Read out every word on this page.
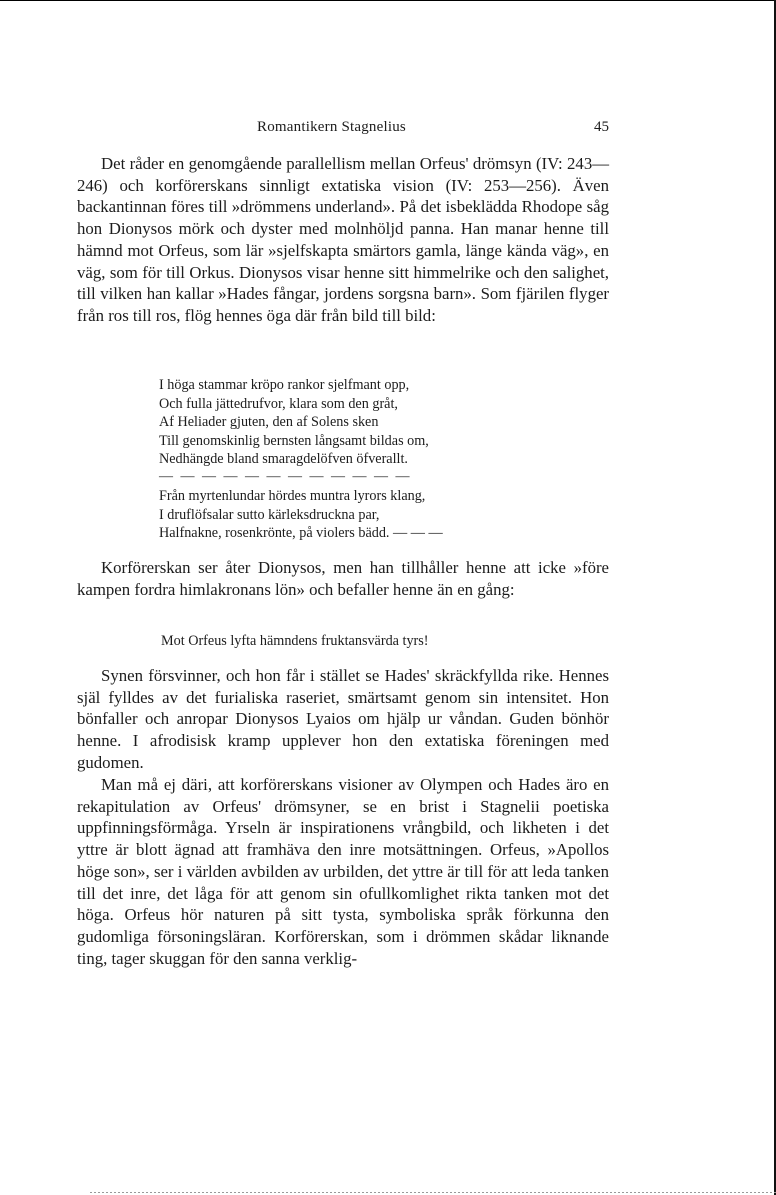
Romantikern Stagnelius	45

Det råder en genomgående parallellism mellan Orfeus' drömsyn (IV: 243—246) och korförerskans sinnligt extatiska vision (IV: 253—256). Även backantinnan föres till »drömmens underland». På det isbeklädda Rhodope såg hon Dionysos mörk och dyster med molnhöljd panna. Han manar henne till hämnd mot Orfeus, som lär »sjelfskapta smärtors gamla, länge kända väg», en väg, som för till Orkus. Dionysos visar henne sitt himmelrike och den salighet, till vilken han kallar »Hades fångar, jordens sorgsna barn». Som fjärilen flyger från ros till ros, flög hennes öga där från bild till bild:

I höga stammar kröpo rankor sjelfmant opp,
Och fulla jättedrufvor, klara som den gråt,
Af Heliader gjuten, den af Solens sken
Till genomskinlig bernsten långsamt bildas om,
Nedhängde bland smaragdelöfven öfverallt.
— — — — — — — — — — — —
Från myrtenlundar hördes muntra lyrors klang,
I druflöfsalar sutto kärleksdruckna par,
Halfnakne, rosenkrönte, på violers bädd. — — —

Korförerskan ser åter Dionysos, men han tillhåller henne att icke »före kampen fordra himlakronans lön» och befaller henne än en gång:

Mot Orfeus lyfta hämndens fruktansvärda tyrs!

Synen försvinner, och hon får i stället se Hades' skräckfyllda rike. Hennes själ fylldes av det furialiska raseriet, smärtsamt genom sin intensitet. Hon bönfaller och anropar Dionysos Lyaios om hjälp ur våndan. Guden bönhör henne. I afrodisisk kramp upplever hon den extatiska föreningen med gudomen.

Man må ej däri, att korförerskans visioner av Olympen och Hades äro en rekapitulation av Orfeus' drömsyner, se en brist i Stagnelii poetiska uppfinningsförmåga. Yrseln är inspirationens vrångbild, och likheten i det yttre är blott ägnad att framhäva den inre motsättningen. Orfeus, »Apollos höge son», ser i världen avbilden av urbilden, det yttre är till för att leda tanken till det inre, det låga för att genom sin ofullkomlighet rikta tanken mot det höga. Orfeus hör naturen på sitt tysta, symboliska språk förkunna den gudomliga försoningsläran. Korförerskan, som i drömmen skådar liknande ting, tager skuggan för den sanna verklig-
